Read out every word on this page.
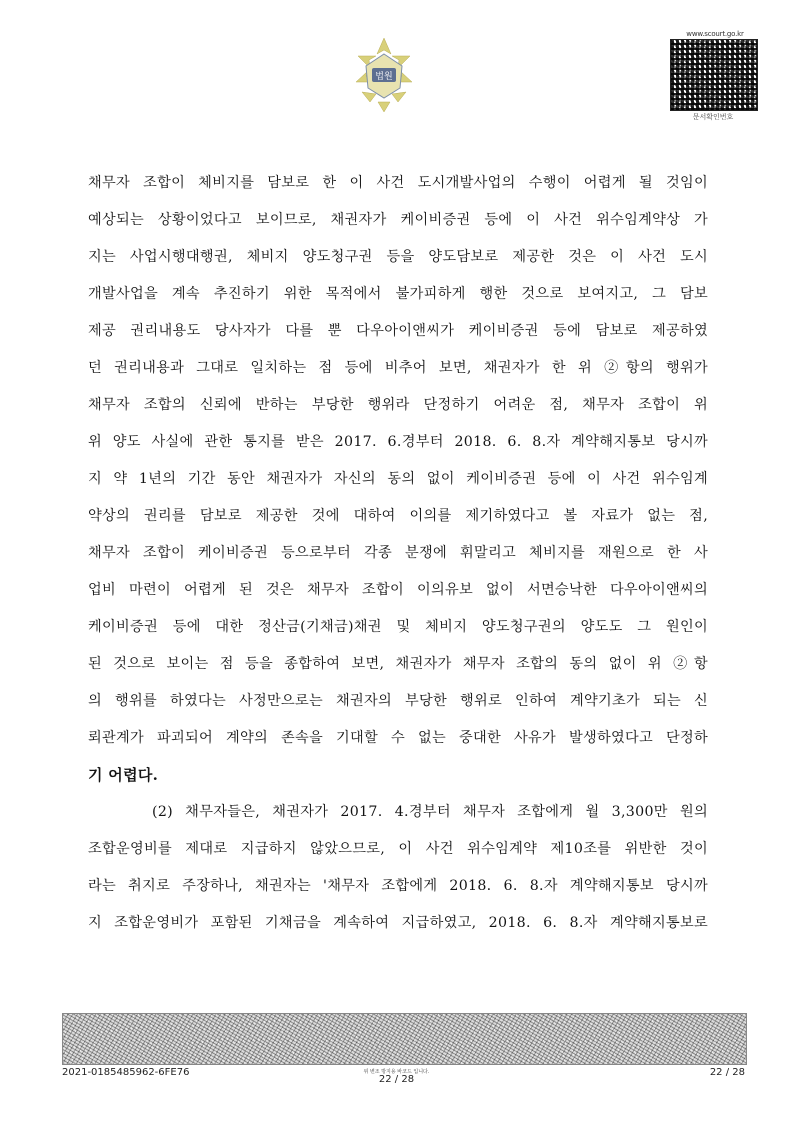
법원
www.scourt.go.kr
문서확인번호
채무자 조합이 체비지를 담보로 한 이 사건 도시개발사업의 수행이 어렵게 될 것임이
예상되는 상황이었다고 보이므로, 채권자가 케이비증권 등에 이 사건 위수임계약상 가
지는 사업시행대행권, 체비지 양도청구권 등을 양도담보로 제공한 것은 이 사건 도시
개발사업을 계속 추진하기 위한 목적에서 불가피하게 행한 것으로 보여지고, 그 담보
제공 권리내용도 당사자가 다를 뿐 다우아이앤씨가 케이비증권 등에 담보로 제공하였
던 권리내용과 그대로 일치하는 점 등에 비추어 보면, 채권자가 한 위 ②항의 행위가
채무자 조합의 신뢰에 반하는 부당한 행위라 단정하기 어려운 점, 채무자 조합이 위
위 양도 사실에 관한 통지를 받은 2017. 6.경부터 2018. 6. 8.자 계약해지통보 당시까
지 약 1년의 기간 동안 채권자가 자신의 동의 없이 케이비증권 등에 이 사건 위수임계
약상의 권리를 담보로 제공한 것에 대하여 이의를 제기하였다고 볼 자료가 없는 점,
채무자 조합이 케이비증권 등으로부터 각종 분쟁에 휘말리고 체비지를 재원으로 한 사
업비 마련이 어렵게 된 것은 채무자 조합이 이의유보 없이 서면승낙한 다우아이앤씨의
케이비증권 등에 대한 정산금(기채금)채권 및 체비지 양도청구권의 양도도 그 원인이
된 것으로 보이는 점 등을 종합하여 보면, 채권자가 채무자 조합의 동의 없이 위 ②항
의 행위를 하였다는 사정만으로는 채권자의 부당한 행위로 인하여 계약기초가 되는 신
뢰관계가 파괴되어 계약의 존속을 기대할 수 없는 중대한 사유가 발생하였다고 단정하
기 어렵다.
(2) 채무자들은, 채권자가 2017. 4.경부터 채무자 조합에게 월 3,300만 원의
조합운영비를 제대로 지급하지 않았으므로, 이 사건 위수임계약 제10조를 위반한 것이
라는 취지로 주장하나, 채권자는 '채무자 조합에게 2018. 6. 8.자 계약해지통보 당시까
지 조합운영비가 포함된 기채금을 계속하여 지급하였고, 2018. 6. 8.자 계약해지통보로
2021-0185485962-6FE76	위 변조 방지용 바코드 입니다.
22 / 28
22 / 28
